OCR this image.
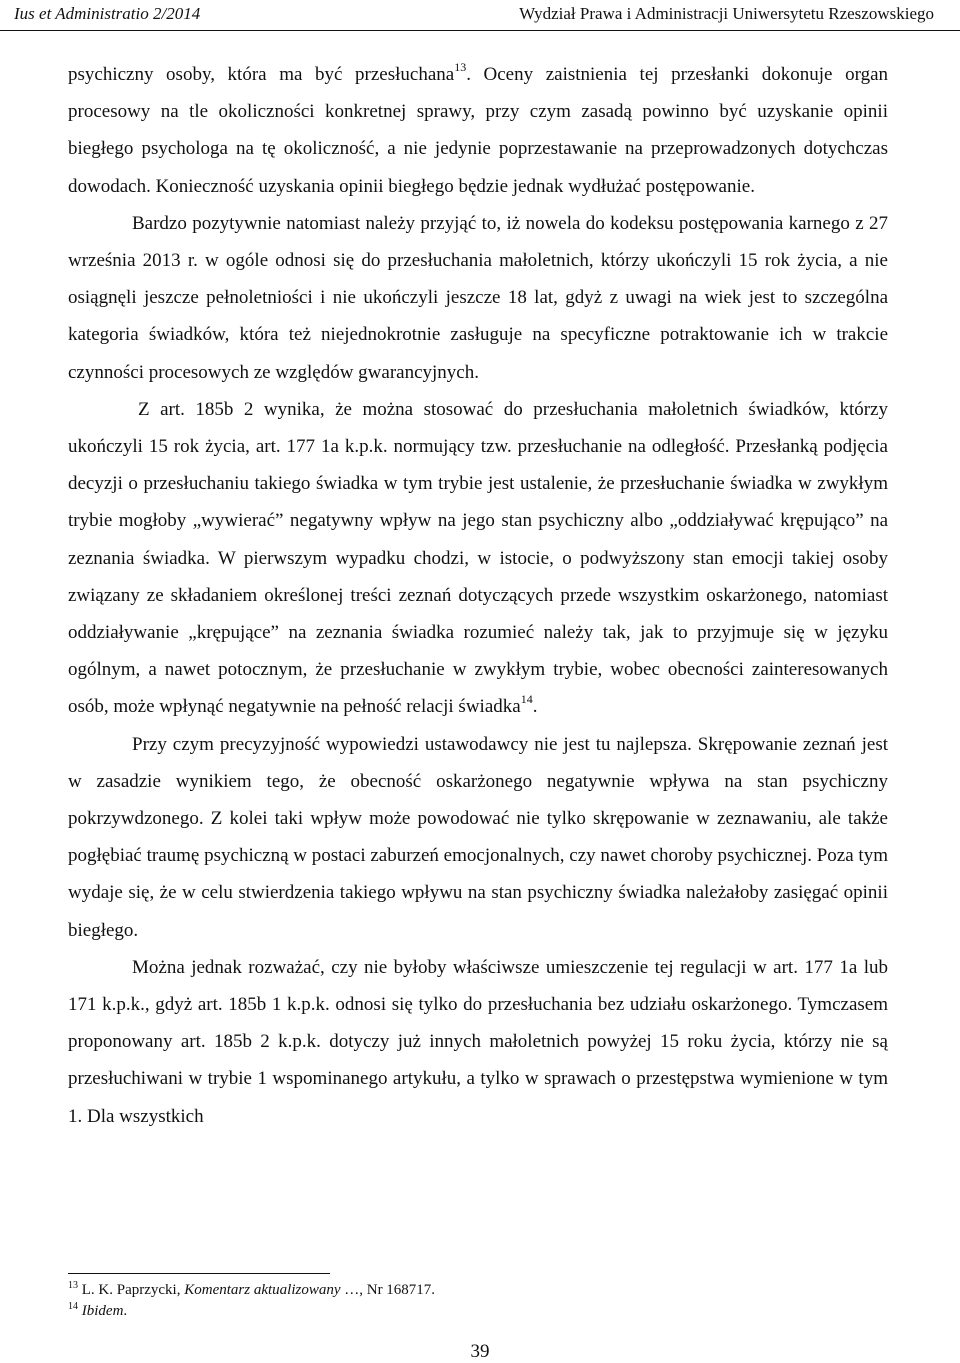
Ius et Administratio 2/2014	Wydział Prawa i Administracji Uniwersytetu Rzeszowskiego

psychiczny osoby, która ma być przesłuchana$^{13}$. Oceny zaistnienia tej przesłanki dokonuje organ procesowy na tle okoliczności konkretnej sprawy, przy czym zasadą powinno być uzyskanie opinii biegłego psychologa na tę okoliczność, a nie jedynie poprzestawanie na przeprowadzonych dotychczas dowodach. Konieczność uzyskania opinii biegłego będzie jednak wydłużać postępowanie.

Bardzo pozytywnie natomiast należy przyjąć to, iż nowela do kodeksu postępowania karnego z 27 września 2013 r. w ogóle odnosi się do przesłuchania małoletnich, którzy ukończyli 15 rok życia, a nie osiągnęli jeszcze pełnoletniości i nie ukończyli jeszcze 18 lat, gdyż z uwagi na wiek jest to szczególna kategoria świadków, która też niejednokrotnie zasługuje na specyficzne potraktowanie ich w trakcie czynności procesowych ze względów gwarancyjnych.

Z art. 185b 2 wynika, że można stosować do przesłuchania małoletnich świadków, którzy ukończyli 15 rok życia, art. 177 1a k.p.k. normujący tzw. przesłuchanie na odległość. Przesłanką podjęcia decyzji o przesłuchaniu takiego świadka w tym trybie jest ustalenie, że przesłuchanie świadka w zwykłym trybie mogłoby „wywierać” negatywny wpływ na jego stan psychiczny albo „oddziaływać krępująco” na zeznania świadka. W pierwszym wypadku chodzi, w istocie, o podwyższony stan emocji takiej osoby związany ze składaniem określonej treści zeznań dotyczących przede wszystkim oskarżonego, natomiast oddziaływanie „krępujące” na zeznania świadka rozumieć należy tak, jak to przyjmuje się w języku ogólnym, a nawet potocznym, że przesłuchanie w zwykłym trybie, wobec obecności zainteresowanych osób, może wpłynąć negatywnie na pełność relacji świadka$^{14}$.

Przy czym precyzyjność wypowiedzi ustawodawcy nie jest tu najlepsza. Skrępowanie zeznań jest w zasadzie wynikiem tego, że obecność oskarżonego negatywnie wpływa na stan psychiczny pokrzywdzonego. Z kolei taki wpływ może powodować nie tylko skrępowanie w zeznawaniu, ale także pogłębiać traumę psychiczną w postaci zaburzeń emocjonalnych, czy nawet choroby psychicznej. Poza tym wydaje się, że w celu stwierdzenia takiego wpływu na stan psychiczny świadka należałoby zasięgać opinii biegłego.

Można jednak rozważać, czy nie byłoby właściwsze umieszczenie tej regulacji w art. 177 1a lub 171 k.p.k., gdyż art. 185b 1 k.p.k. odnosi się tylko do przesłuchania bez udziału oskarżonego. Tymczasem proponowany art. 185b 2 k.p.k. dotyczy już innych małoletnich powyżej 15 roku życia, którzy nie są przesłuchiwani w trybie 1 wspominanego artykułu, a tylko w sprawach o przestępstwa wymienione w tym 1. Dla wszystkich

$^{13}$ L. K. Paprzycki, Komentarz aktualizowany …, Nr 168717.
$^{14}$ Ibidem.
39
